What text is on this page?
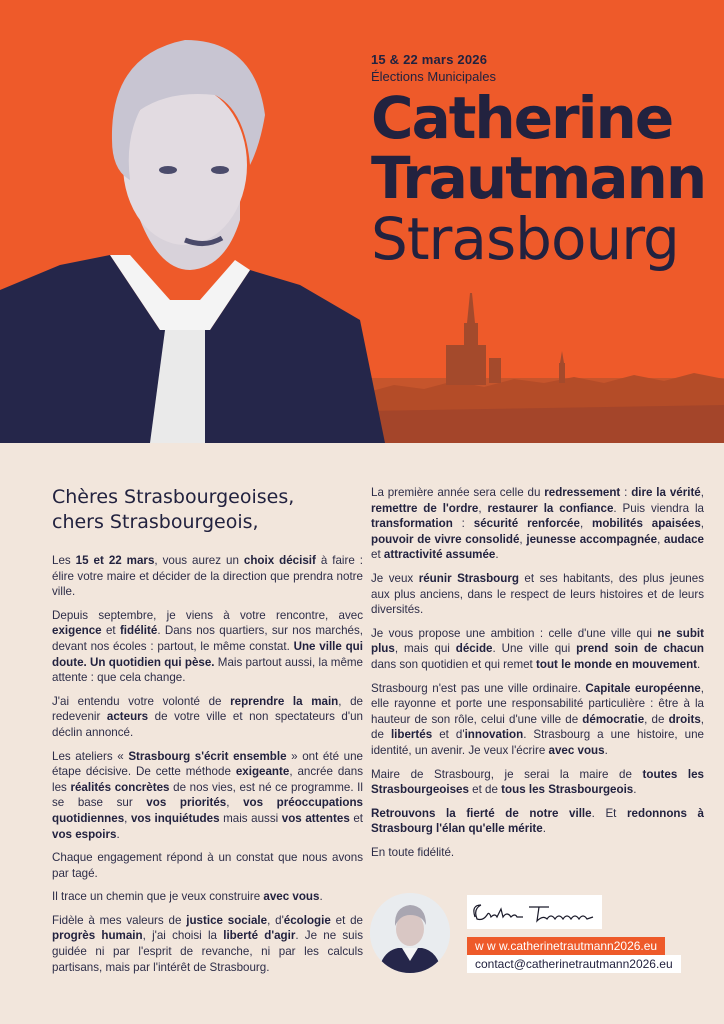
15 & 22 mars 2026
Élections Municipales
Catherine
Trautmann
Strasbourg
Chères Strasbourgeoises,
chers Strasbourgeois,

Les 15 et 22 mars, vous aurez un choix décisif à faire : élire votre maire et décider de la direction que prendra notre ville.

Depuis septembre, je viens à votre rencontre, avec exigence et fidélité. Dans nos quartiers, sur nos marchés, devant nos écoles : partout, le même constat. Une ville qui doute. Un quotidien qui pèse. Mais partout aussi, la même attente : que cela change.

J'ai entendu votre volonté de reprendre la main, de redevenir acteurs de votre ville et non spectateurs d'un déclin annoncé.

Les ateliers « Strasbourg s'écrit ensemble » ont été une étape décisive. De cette méthode exigeante, ancrée dans les réalités concrètes de nos vies, est né ce programme. Il se base sur vos priorités, vos préoccupations quotidiennes, vos inquiétudes mais aussi vos attentes et vos espoirs.

Chaque engagement répond à un constat que nous avons par tagé.

Il trace un chemin que je veux construire avec vous.

Fidèle à mes valeurs de justice sociale, d'écologie et de progrès humain, j'ai choisi la liberté d'agir. Je ne suis guidée ni par l'esprit de revanche, ni par les calculs partisans, mais par l'intérêt de Strasbourg.

La première année sera celle du redressement : dire la vérité, remettre de l'ordre, restaurer la confiance. Puis viendra la transformation : sécurité renforcée, mobilités apaisées, pouvoir de vivre consolidé, jeunesse accompagnée, audace et attractivité assumée.

Je veux réunir Strasbourg et ses habitants, des plus jeunes aux plus anciens, dans le respect de leurs histoires et de leurs diversités.

Je vous propose une ambition : celle d'une ville qui ne subit plus, mais qui décide. Une ville qui prend soin de chacun dans son quotidien et qui remet tout le monde en mouvement.

Strasbourg n'est pas une ville ordinaire. Capitale européenne, elle rayonne et porte une responsabilité particulière : être à la hauteur de son rôle, celui d'une ville de démocratie, de droits, de libertés et d'innovation. Strasbourg a une histoire, une identité, un avenir. Je veux l'écrire avec vous.

Maire de Strasbourg, je serai la maire de toutes les Strasbourgeoises et de tous les Strasbourgeois.

Retrouvons la fierté de notre ville. Et redonnons à Strasbourg l'élan qu'elle mérite.

En toute fidélité.

w w w.catherinetrautmann2026.eu
contact@catherinetrautmann2026.eu
